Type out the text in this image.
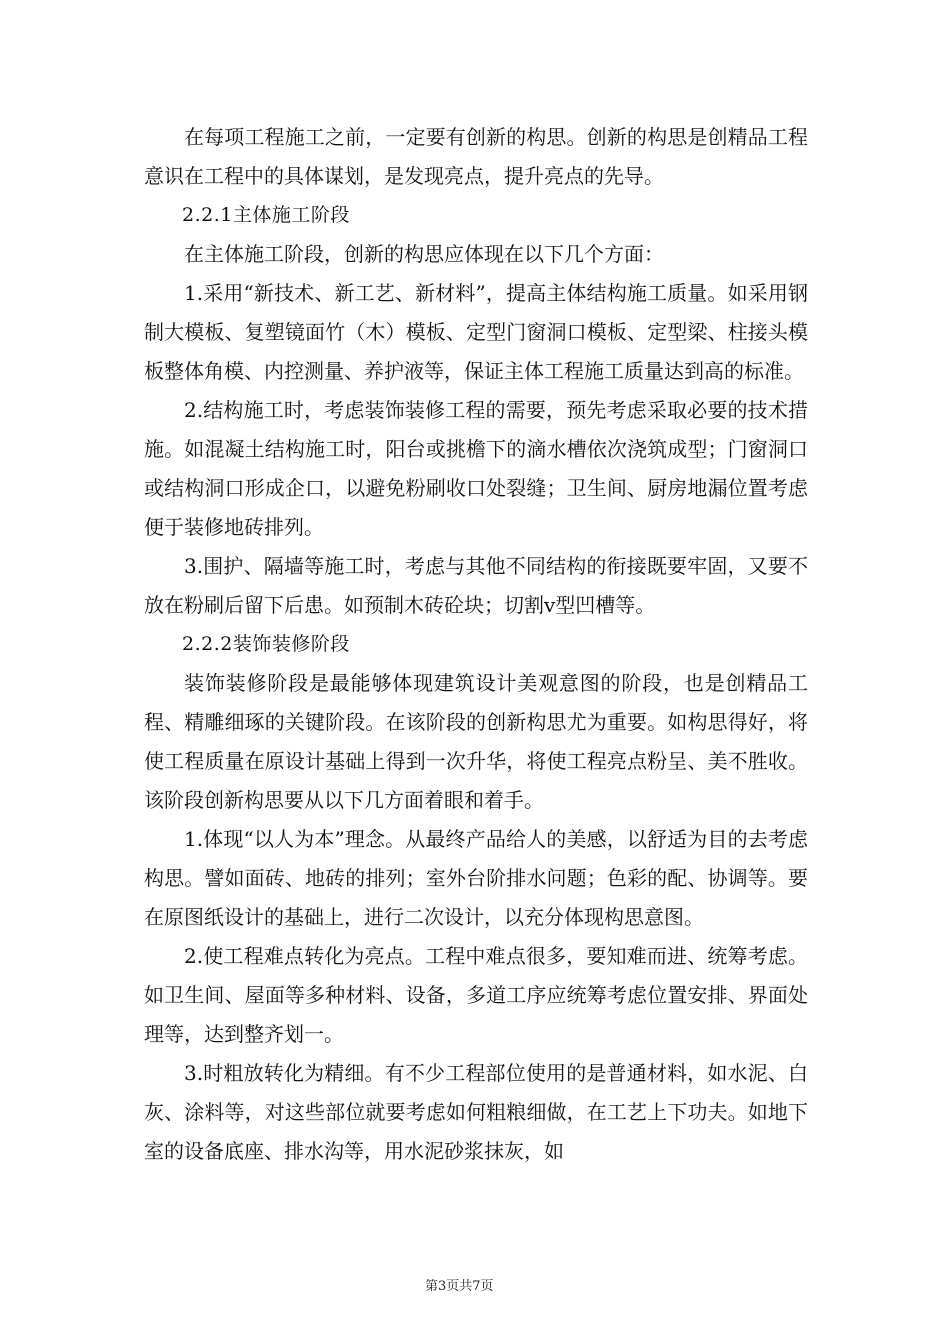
在每项工程施工之前，一定要有创新的构思。创新的构思是创精品工程意识在工程中的具体谋划，是发现亮点，提升亮点的先导。

2.2.1主体施工阶段

在主体施工阶段，创新的构思应体现在以下几个方面：

1.采用“新技术、新工艺、新材料”，提高主体结构施工质量。如采用钢制大模板、复塑镜面竹（木）模板、定型门窗洞口模板、定型梁、柱接头模板整体角模、内控测量、养护液等，保证主体工程施工质量达到高的标准。

2.结构施工时，考虑装饰装修工程的需要，预先考虑采取必要的技术措施。如混凝土结构施工时，阳台或挑檐下的滴水槽依次浇筑成型；门窗洞口或结构洞口形成企口，以避免粉刷收口处裂缝；卫生间、厨房地漏位置考虑便于装修地砖排列。

3.围护、隔墙等施工时，考虑与其他不同结构的衔接既要牢固，又要不放在粉刷后留下后患。如预制木砖砼块；切割v型凹槽等。

2.2.2装饰装修阶段

装饰装修阶段是最能够体现建筑设计美观意图的阶段，也是创精品工程、精雕细琢的关键阶段。在该阶段的创新构思尤为重要。如构思得好，将使工程质量在原设计基础上得到一次升华，将使工程亮点粉呈、美不胜收。该阶段创新构思要从以下几方面着眼和着手。

1.体现“以人为本”理念。从最终产品给人的美感，以舒适为目的去考虑构思。譬如面砖、地砖的排列；室外台阶排水问题；色彩的配、协调等。要在原图纸设计的基础上，进行二次设计，以充分体现构思意图。

2.使工程难点转化为亮点。工程中难点很多，要知难而进、统筹考虑。如卫生间、屋面等多种材料、设备，多道工序应统筹考虑位置安排、界面处理等，达到整齐划一。

3.时粗放转化为精细。有不少工程部位使用的是普通材料，如水泥、白灰、涂料等，对这些部位就要考虑如何粗粮细做，在工艺上下功夫。如地下室的设备底座、排水沟等，用水泥砂浆抹灰，如

第3页共7页
